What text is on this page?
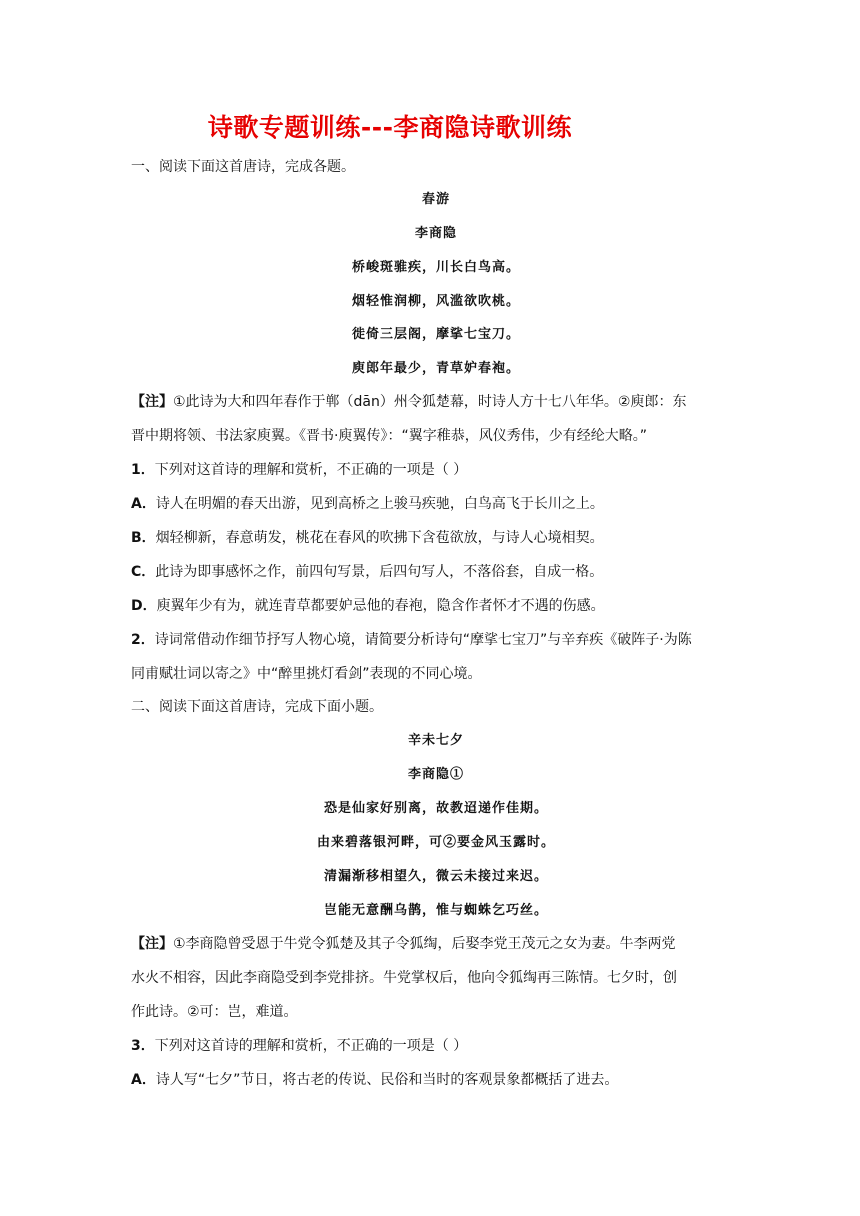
诗歌专题训练---李商隐诗歌训练
一、阅读下面这首唐诗，完成各题。
春游
李商隐
桥峻斑骓疾，川长白鸟高。
烟轻惟润柳，风滥欲吹桃。
徙倚三层阁，摩挲七宝刀。
庾郎年最少，青草妒春袍。
【注】①此诗为大和四年春作于郸（dān）州令狐楚幕，时诗人方十七八年华。②庾郎：东
晋中期将领、书法家庾翼。《晋书·庾翼传》：“翼字稚恭，风仪秀伟，少有经纶大略。”
1．下列对这首诗的理解和赏析，不正确的一项是（ ）
A．诗人在明媚的春天出游，见到高桥之上骏马疾驰，白鸟高飞于长川之上。
B．烟轻柳新，春意萌发，桃花在春风的吹拂下含苞欲放，与诗人心境相契。
C．此诗为即事感怀之作，前四句写景，后四句写人，不落俗套，自成一格。
D．庾翼年少有为，就连青草都要妒忌他的春袍，隐含作者怀才不遇的伤感。
2．诗词常借动作细节抒写人物心境，请简要分析诗句“摩挲七宝刀”与辛弃疾《破阵子·为陈
同甫赋壮词以寄之》中“醉里挑灯看剑”表现的不同心境。
二、阅读下面这首唐诗，完成下面小题。
辛未七夕
李商隐①
恐是仙家好别离，故教迢递作佳期。
由来碧落银河畔，可②要金风玉露时。
清漏渐移相望久，微云未接过来迟。
岂能无意酬乌鹊，惟与蜘蛛乞巧丝。
【注】①李商隐曾受恩于牛党令狐楚及其子令狐绹，后娶李党王茂元之女为妻。牛李两党
水火不相容，因此李商隐受到李党排挤。牛党掌权后，他向令狐绹再三陈情。七夕时，创
作此诗。②可：岂，难道。
3．下列对这首诗的理解和赏析，不正确的一项是（ ）
A．诗人写“七夕”节日，将古老的传说、民俗和当时的客观景象都概括了进去。
